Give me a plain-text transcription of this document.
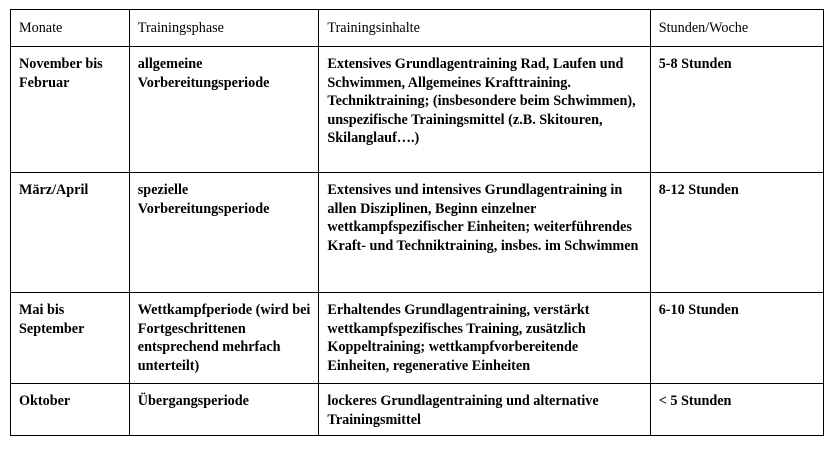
Monate	Trainingsphase	Trainingsinhalte	Stunden/Woche
November bis Februar	allgemeine Vorbereitungsperiode	Extensives Grundlagentraining Rad, Laufen und Schwimmen, Allgemeines Krafttraining. Techniktraining; (insbesondere beim Schwimmen), unspezifische Trainingsmittel (z.B. Skitouren, Skilanglauf….)	5-8 Stunden
März/April	spezielle Vorbereitungsperiode	Extensives und intensives Grundlagentraining in allen Disziplinen, Beginn einzelner wettkampfspezifischer Einheiten; weiterführendes Kraft- und Techniktraining, insbes. im Schwimmen	8-12 Stunden
Mai bis September	Wettkampfperiode (wird bei Fortgeschrittenen entsprechend mehrfach unterteilt)	Erhaltendes Grundlagentraining, verstärkt wettkampfspezifisches Training, zusätzlich Koppeltraining; wettkampfvorbereitende Einheiten, regenerative Einheiten	6-10 Stunden
Oktober	Übergangsperiode	lockeres Grundlagentraining und alternative Trainingsmittel	< 5 Stunden
